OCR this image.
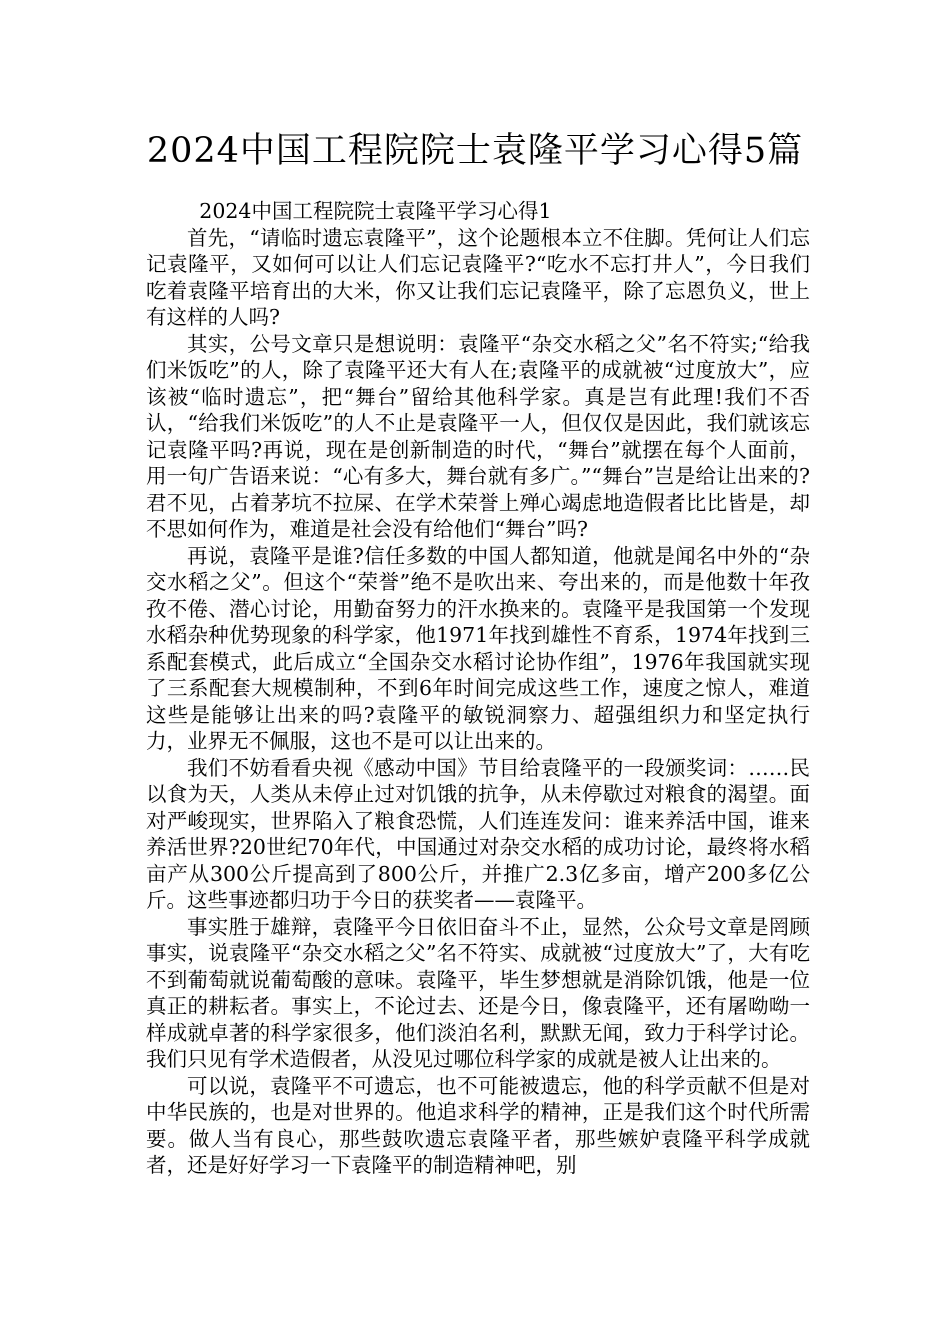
2024中国工程院院士袁隆平学习心得5篇
2024中国工程院院士袁隆平学习心得1

首先，“请临时遗忘袁隆平”，这个论题根本立不住脚。凭何让人们忘记袁隆平，又如何可以让人们忘记袁隆平?“吃水不忘打井人”，今日我们吃着袁隆平培育出的大米，你又让我们忘记袁隆平，除了忘恩负义，世上有这样的人吗?

其实，公号文章只是想说明：袁隆平“杂交水稻之父”名不符实;“给我们米饭吃”的人，除了袁隆平还大有人在;袁隆平的成就被“过度放大”，应该被“临时遗忘”，把“舞台”留给其他科学家。真是岂有此理!我们不否认，“给我们米饭吃”的人不止是袁隆平一人，但仅仅是因此，我们就该忘记袁隆平吗?再说，现在是创新制造的时代，“舞台”就摆在每个人面前，用一句广告语来说：“心有多大，舞台就有多广。”“舞台”岂是给让出来的?君不见，占着茅坑不拉屎、在学术荣誉上殚心竭虑地造假者比比皆是，却不思如何作为，难道是社会没有给他们“舞台”吗?

再说，袁隆平是谁?信任多数的中国人都知道，他就是闻名中外的“杂交水稻之父”。但这个“荣誉”绝不是吹出来、夸出来的，而是他数十年孜孜不倦、潜心讨论，用勤奋努力的汗水换来的。袁隆平是我国第一个发现水稻杂种优势现象的科学家，他1971年找到雄性不育系，1974年找到三系配套模式，此后成立“全国杂交水稻讨论协作组”，1976年我国就实现了三系配套大规模制种，不到6年时间完成这些工作，速度之惊人，难道这些是能够让出来的吗?袁隆平的敏锐洞察力、超强组织力和坚定执行力，业界无不佩服，这也不是可以让出来的。

我们不妨看看央视《感动中国》节目给袁隆平的一段颁奖词：……民以食为天，人类从未停止过对饥饿的抗争，从未停歇过对粮食的渴望。面对严峻现实，世界陷入了粮食恐慌，人们连连发问：谁来养活中国，谁来养活世界?20世纪70年代，中国通过对杂交水稻的成功讨论，最终将水稻亩产从300公斤提高到了800公斤，并推广2.3亿多亩，增产200多亿公斤。这些事迹都归功于今日的获奖者——袁隆平。

事实胜于雄辩，袁隆平今日依旧奋斗不止，显然，公众号文章是罔顾事实，说袁隆平“杂交水稻之父”名不符实、成就被“过度放大”了，大有吃不到葡萄就说葡萄酸的意味。袁隆平，毕生梦想就是消除饥饿，他是一位真正的耕耘者。事实上，不论过去、还是今日，像袁隆平，还有屠呦呦一样成就卓著的科学家很多，他们淡泊名利，默默无闻，致力于科学讨论。我们只见有学术造假者，从没见过哪位科学家的成就是被人让出来的。

可以说，袁隆平不可遗忘，也不可能被遗忘，他的科学贡献不但是对中华民族的，也是对世界的。他追求科学的精神，正是我们这个时代所需要。做人当有良心，那些鼓吹遗忘袁隆平者，那些嫉妒袁隆平科学成就者，还是好好学习一下袁隆平的制造精神吧，别
